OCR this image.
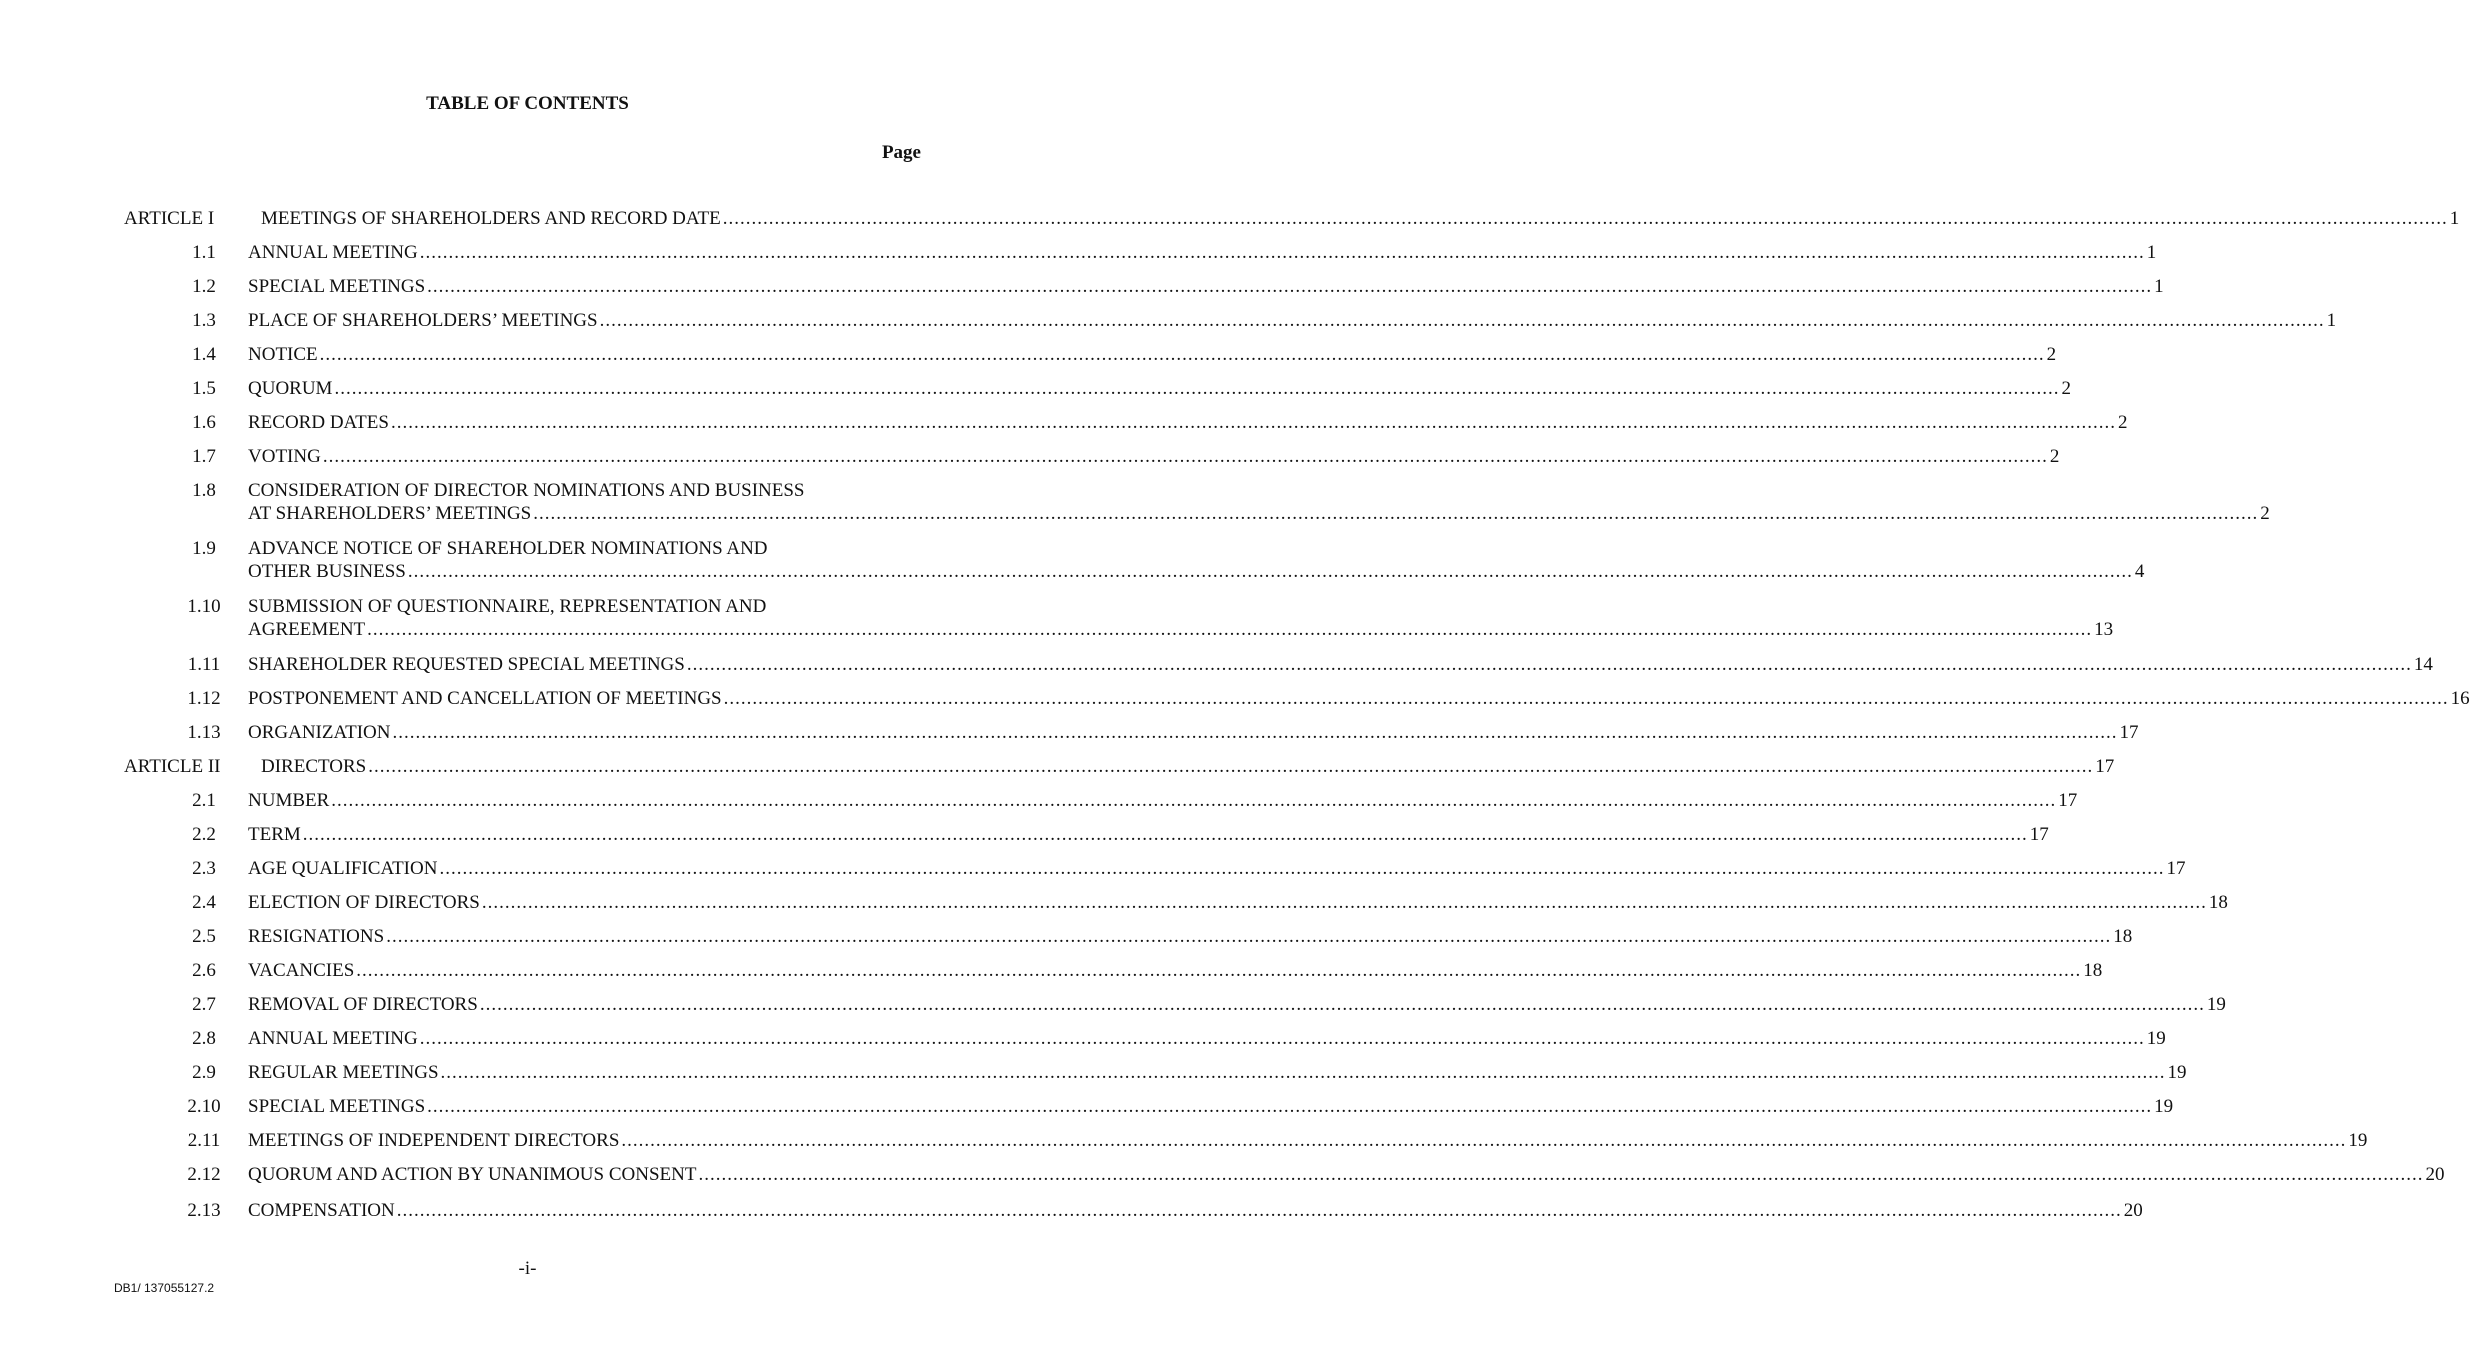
TABLE OF CONTENTS
Page
ARTICLE I MEETINGS OF SHAREHOLDERS AND RECORD DATE ............................................................................................................................................................................................................................................................................................................ 1
1.1	ANNUAL MEETING ............................................................................................................................................................................................................................................................................................................ 1
1.2	SPECIAL MEETINGS ............................................................................................................................................................................................................................................................................................................ 1
1.3	PLACE OF SHAREHOLDERS’ MEETINGS ............................................................................................................................................................................................................................................................................................................ 1
1.4	NOTICE ............................................................................................................................................................................................................................................................................................................ 2
1.5	QUORUM ............................................................................................................................................................................................................................................................................................................ 2
1.6	RECORD DATES ............................................................................................................................................................................................................................................................................................................ 2
1.7	VOTING ............................................................................................................................................................................................................................................................................................................ 2
1.8	CONSIDERATION OF DIRECTOR NOMINATIONS AND BUSINESS
AT SHAREHOLDERS’ MEETINGS ............................................................................................................................................................................................................................................................................................................ 2
1.9	ADVANCE NOTICE OF SHAREHOLDER NOMINATIONS AND
OTHER BUSINESS ............................................................................................................................................................................................................................................................................................................ 4
1.10	SUBMISSION OF QUESTIONNAIRE, REPRESENTATION AND
AGREEMENT ............................................................................................................................................................................................................................................................................................................ 13
1.11	SHAREHOLDER REQUESTED SPECIAL MEETINGS ............................................................................................................................................................................................................................................................................................................ 14
1.12	POSTPONEMENT AND CANCELLATION OF MEETINGS ............................................................................................................................................................................................................................................................................................................ 16
1.13	ORGANIZATION ............................................................................................................................................................................................................................................................................................................ 17
ARTICLE II DIRECTORS ............................................................................................................................................................................................................................................................................................................ 17
2.1	NUMBER ............................................................................................................................................................................................................................................................................................................ 17
2.2	TERM ............................................................................................................................................................................................................................................................................................................ 17
2.3	AGE QUALIFICATION ............................................................................................................................................................................................................................................................................................................ 17
2.4	ELECTION OF DIRECTORS ............................................................................................................................................................................................................................................................................................................ 18
2.5	RESIGNATIONS ............................................................................................................................................................................................................................................................................................................ 18
2.6	VACANCIES ............................................................................................................................................................................................................................................................................................................ 18
2.7	REMOVAL OF DIRECTORS ............................................................................................................................................................................................................................................................................................................ 19
2.8	ANNUAL MEETING ............................................................................................................................................................................................................................................................................................................ 19
2.9	REGULAR MEETINGS ............................................................................................................................................................................................................................................................................................................ 19
2.10	SPECIAL MEETINGS ............................................................................................................................................................................................................................................................................................................ 19
2.11	MEETINGS OF INDEPENDENT DIRECTORS ............................................................................................................................................................................................................................................................................................................ 19
2.12	QUORUM AND ACTION BY UNANIMOUS CONSENT ............................................................................................................................................................................................................................................................................................................ 20
2.13	COMPENSATION ............................................................................................................................................................................................................................................................................................................ 20
-i-
DB1/ 137055127.2
